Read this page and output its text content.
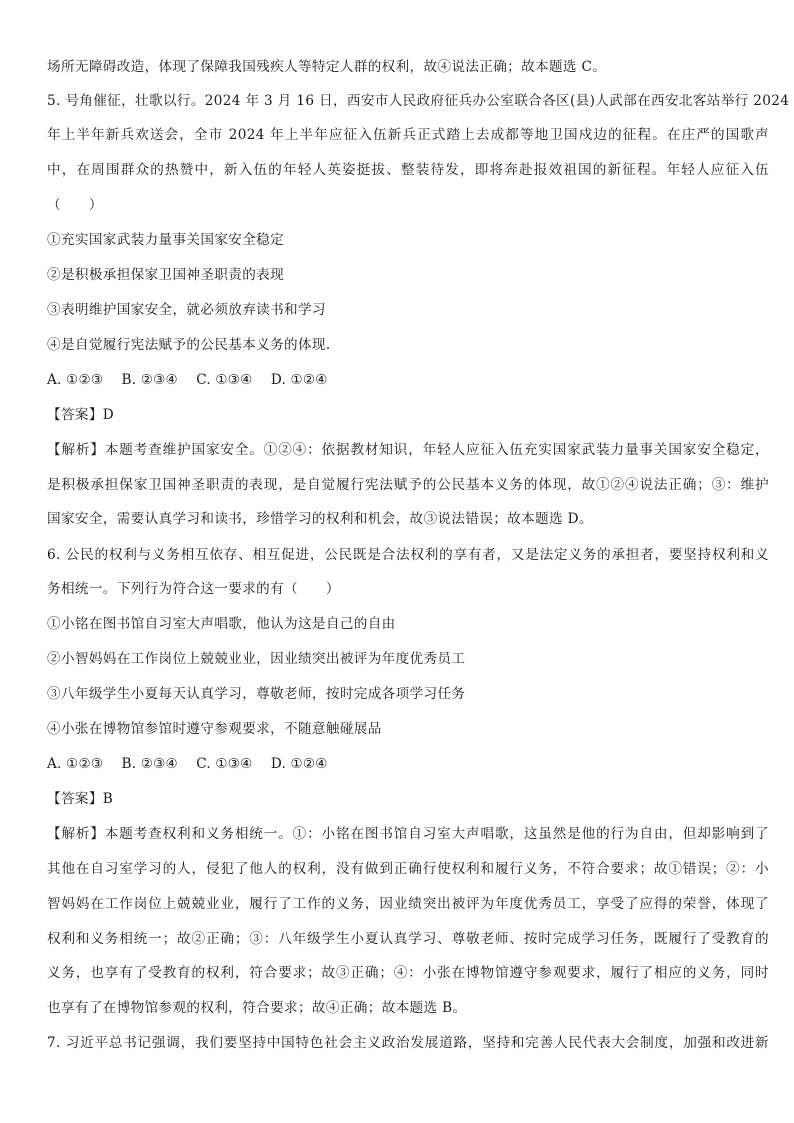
场所无障碍改造，体现了保障我国残疾人等特定人群的权利，故④说法正确；故本题选 C。
5. 号角催征，壮歌以行。2024 年 3 月 16 日，西安市人民政府征兵办公室联合各区(县)人武部在西安北客站举行 2024
年上半年新兵欢送会，全市 2024 年上半年应征入伍新兵正式踏上去成都等地卫国戍边的征程。在庄严的国歌声
中，在周围群众的热赞中，新入伍的年轻人英姿挺拔、整装待发，即将奔赴报效祖国的新征程。年轻人应征入伍
（　　）
①充实国家武装力量事关国家安全稳定
②是积极承担保家卫国神圣职责的表现
③表明维护国家安全，就必须放弃读书和学习
④是自觉履行宪法赋予的公民基本义务的体现.
A. ①②③　 B. ②③④　 C. ①③④　 D. ①②④
【答案】D
【解析】本题考查维护国家安全。①②④：依据教材知识，年轻人应征入伍充实国家武装力量事关国家安全稳定，
是积极承担保家卫国神圣职责的表现，是自觉履行宪法赋予的公民基本义务的体现，故①②④说法正确；③：维护
国家安全，需要认真学习和读书，珍惜学习的权利和机会，故③说法错误；故本题选 D。
6. 公民的权利与义务相互依存、相互促进，公民既是合法权利的享有者，又是法定义务的承担者，要坚持权利和义
务相统一。下列行为符合这一要求的有（　　）
①小铭在图书馆自习室大声唱歌，他认为这是自己的自由
②小智妈妈在工作岗位上兢兢业业，因业绩突出被评为年度优秀员工
③八年级学生小夏每天认真学习，尊敬老师，按时完成各项学习任务
④小张在博物馆参馆时遵守参观要求，不随意触碰展品
A. ①②③　 B. ②③④　 C. ①③④　 D. ①②④
【答案】B
【解析】本题考查权利和义务相统一。①：小铭在图书馆自习室大声唱歌，这虽然是他的行为自由，但却影响到了
其他在自习室学习的人，侵犯了他人的权利，没有做到正确行使权利和履行义务，不符合要求；故①错误；②：小
智妈妈在工作岗位上兢兢业业，履行了工作的义务，因业绩突出被评为年度优秀员工，享受了应得的荣誉，体现了
权利和义务相统一；故②正确；③：八年级学生小夏认真学习、尊敬老师、按时完成学习任务，既履行了受教育的
义务，也享有了受教育的权利，符合要求；故③正确；④：小张在博物馆遵守参观要求，履行了相应的义务，同时
也享有了在博物馆参观的权利，符合要求；故④正确；故本题选 B。
7. 习近平总书记强调，我们要坚持中国特色社会主义政治发展道路，坚持和完善人民代表大会制度，加强和改进新
